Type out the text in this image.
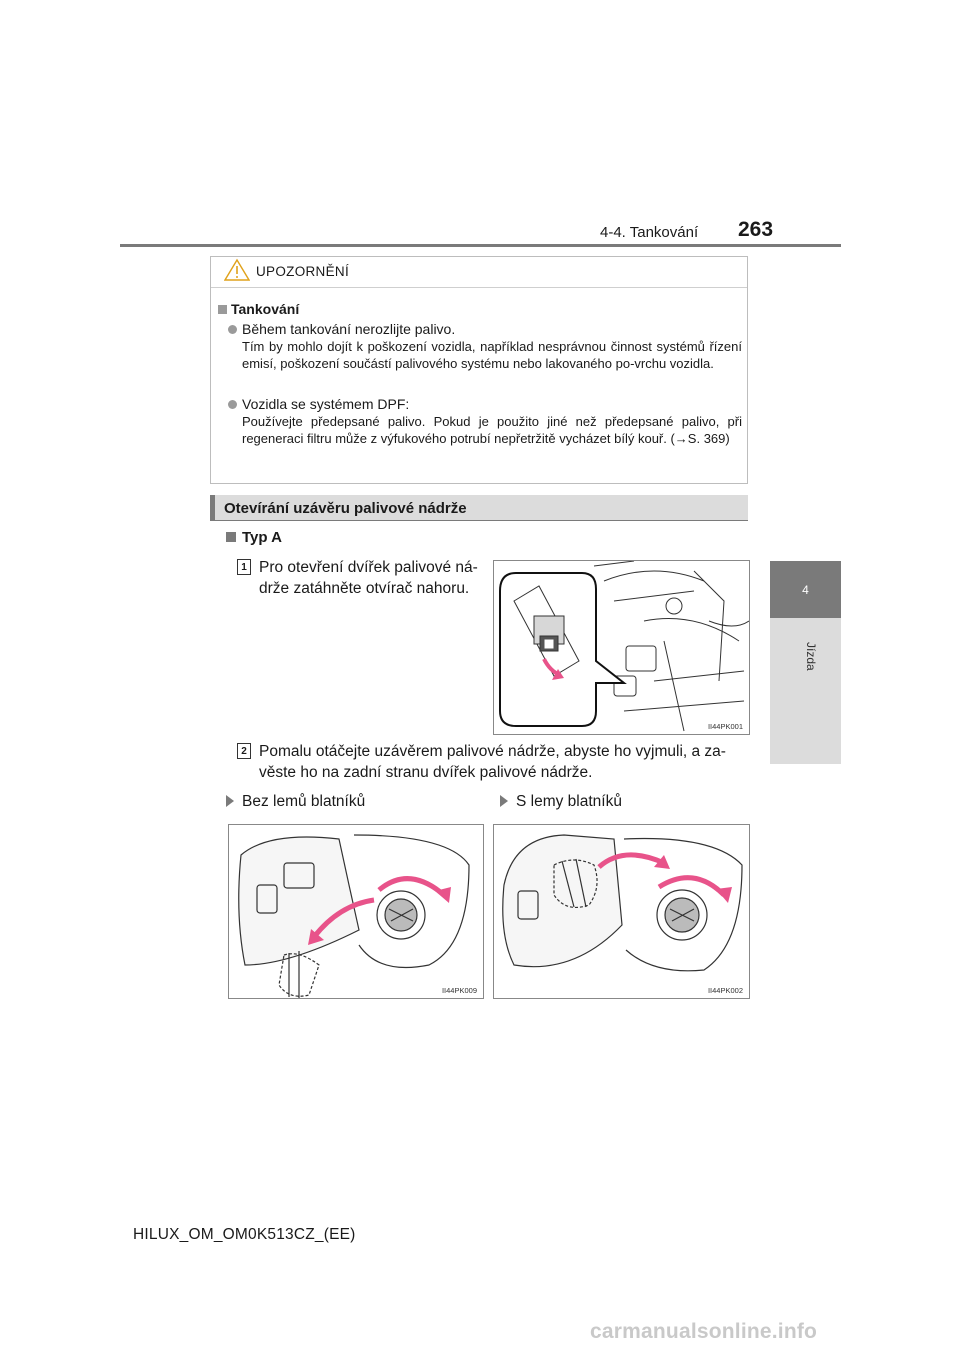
4-4. Tankování 263
4
Jízda
UPOZORNĚNÍ
Tankování
Během tankování nerozlijte palivo.
Tím by mohlo dojít k poškození vozidla, například nesprávnou činnost systémů řízení emisí, poškození součástí palivového systému nebo lakovaného po-vrchu vozidla.
Vozidla se systémem DPF:
Používejte předepsané palivo. Pokud je použito jiné než předepsané palivo, při regeneraci filtru může z výfukového potrubí nepřetržitě vycházet bílý kouř. (→S. 369)
Otevírání uzávěru palivové nádrže
Typ A
1 Pro otevření dvířek palivové ná-drže zatáhněte otvírač nahoru.
II44PK001
2 Pomalu otáčejte uzávěrem palivové nádrže, abyste ho vyjmuli, a za-věste ho na zadní stranu dvířek palivové nádrže.
Bez lemů blatníků	S lemy blatníků
II44PK009	II44PK002
HILUX_OM_OM0K513CZ_(EE)
carmanualsonline.info
